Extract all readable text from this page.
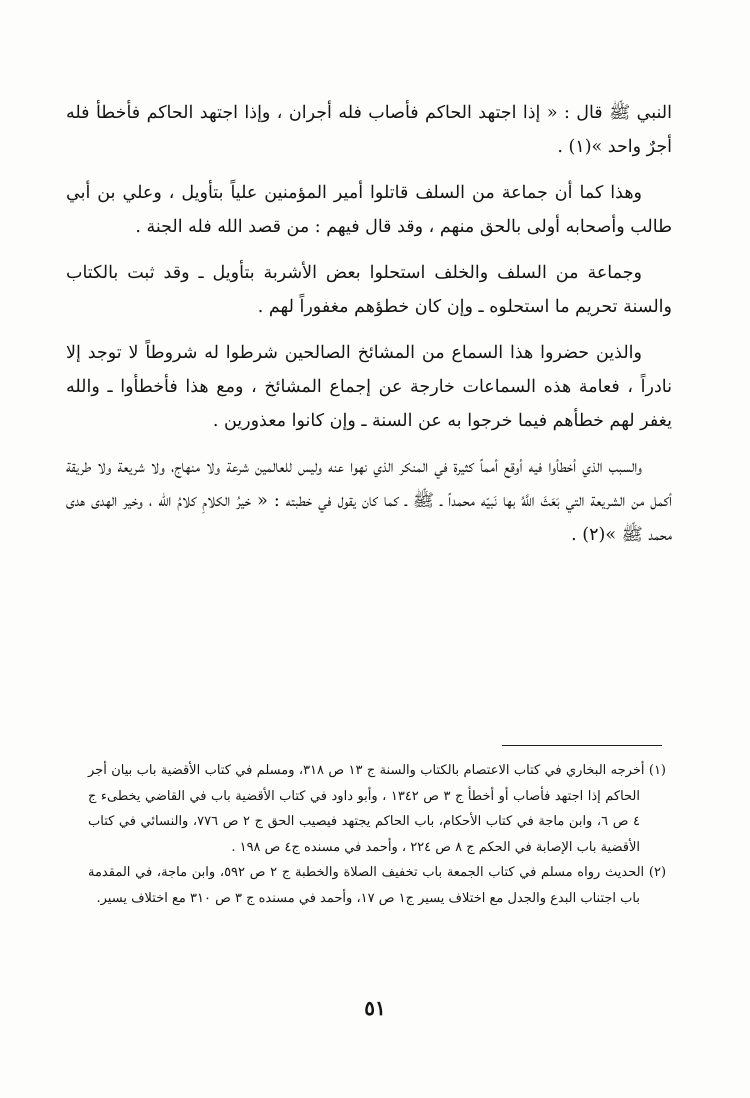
النبي ﷺ قال : « إذا اجتهد الحاكم فأصاب فله أجران ، وإذا اجتهد الحاكم فأخطأ فله أجرٌ واحد »(١) .

وهذا كما أن جماعة من السلف قاتلوا أمير المؤمنين علياً بتأويل ، وعلي بن أبي طالب وأصحابه أولى بالحق منهم ، وقد قال فيهم : من قصد الله فله الجنة .

وجماعة من السلف والخلف استحلوا بعض الأشربة بتأويل ـ وقد ثبت بالكتاب والسنة تحريم ما استحلوه ـ وإن كان خطؤهم مغفوراً لهم .

والذين حضروا هذا السماع من المشائخ الصالحين شرطوا له شروطاً لا توجد إلا نادراً ، فعامة هذه السماعات خارجة عن إجماع المشائخ ، ومع هذا فأخطأوا ـ والله يغفر لهم خطأهم فيما خرجوا به عن السنة ـ وإن كانوا معذورين .

والسبب الذي أخطأوا فيه أوقع أمماً كثيرة في المنكر الذي نهوا عنه وليس للعالمين شرعة ولا منهاج، ولا شريعة ولا طريقة أكمل من الشريعة التي بَعَثَ اللَّهُ بها نَبيّه محمداً ـ ﷺ ـ كما كان يقول في خطبته : « خيرُ الكلامِ كلامُ الله ، وخير الهدى هدى محمد ﷺ »(٢) .

(١) أخرجه البخاري في كتاب الاعتصام بالكتاب والسنة ج ١٣ ص ٣١٨، ومسلم في كتاب الأقضية باب بيان أجر الحاكم إذا اجتهد فأصاب أو أخطأ ج ٣ ص ١٣٤٢ ، وأبو داود في كتاب الأقضية باب في القاضي يخطىء ج ٤ ص ٦، وابن ماجة في كتاب الأحكام، باب الحاكم يجتهد فيصيب الحق ج ٢ ص ٧٧٦، والنسائي في كتاب الأقضية باب الإصابة في الحكم ج ٨ ص ٢٢٤ ، وأحمد في مسنده ج٤ ص ١٩٨ .

(٢) الحديث رواه مسلم في كتاب الجمعة باب تخفيف الصلاة والخطبة ج ٢ ص ٥٩٢، وابن ماجة، في المقدمة باب اجتناب البدع والجدل مع اختلاف يسير ج١ ص ١٧، وأحمد في مسنده ج ٣ ص ٣١٠ مع اختلاف يسير.

٥١
